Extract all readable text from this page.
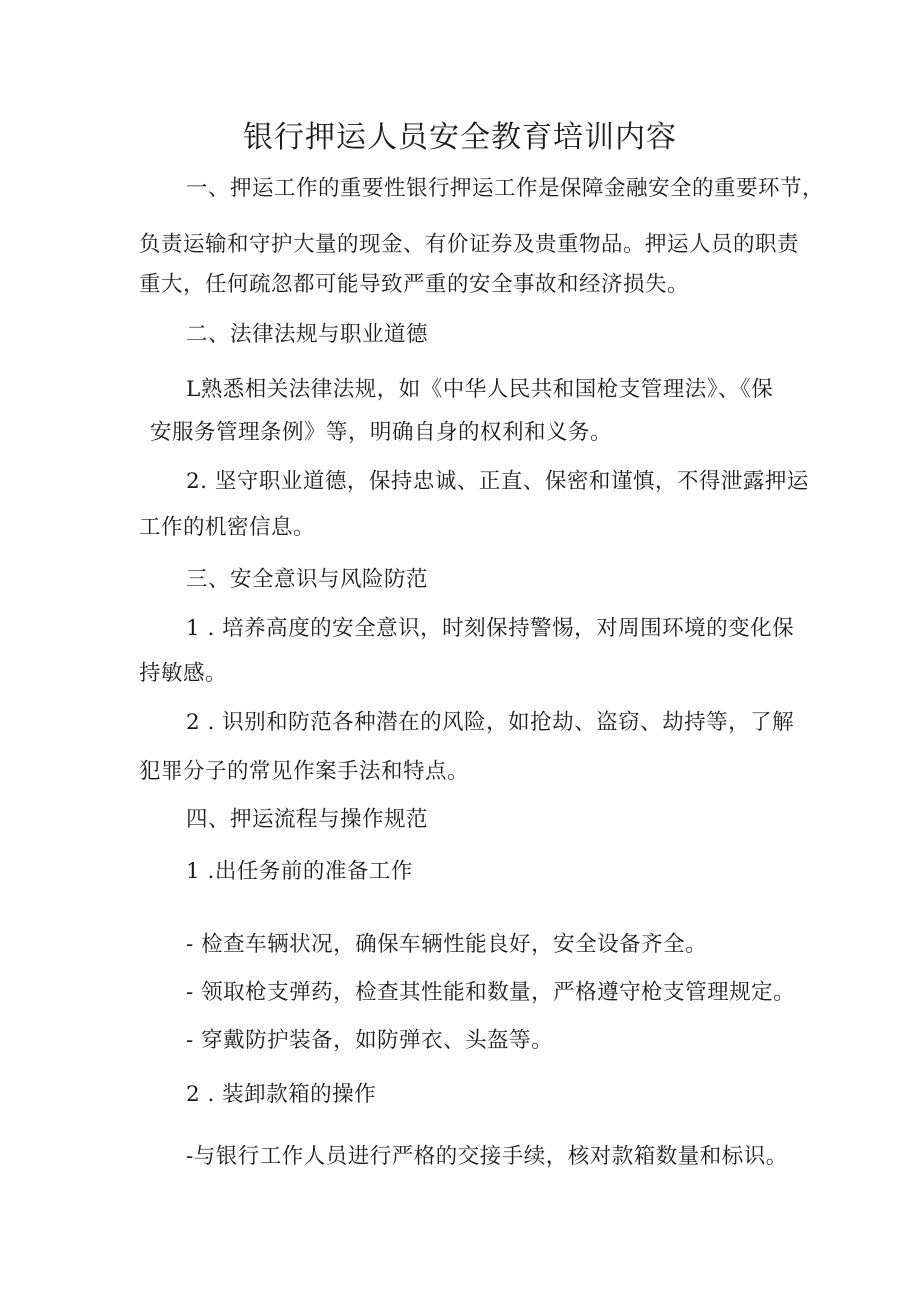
银行押运人员安全教育培训内容
一、押运工作的重要性银行押运工作是保障金融安全的重要环节，
负责运输和守护大量的现金、有价证券及贵重物品。押运人员的职责
重大，任何疏忽都可能导致严重的安全事故和经济损失。
二、法律法规与职业道德
L熟悉相关法律法规，如《中华人民共和国枪支管理法》、《保
安服务管理条例》等，明确自身的权利和义务。
2. 坚守职业道德，保持忠诚、正直、保密和谨慎，不得泄露押运
工作的机密信息。
三、安全意识与风险防范
1 . 培养高度的安全意识，时刻保持警惕，对周围环境的变化保
持敏感。
2 . 识别和防范各种潜在的风险，如抢劫、盗窃、劫持等，了解
犯罪分子的常见作案手法和特点。
四、押运流程与操作规范
1 .出任务前的准备工作
- 检查车辆状况，确保车辆性能良好，安全设备齐全。
- 领取枪支弹药，检查其性能和数量，严格遵守枪支管理规定。
- 穿戴防护装备，如防弹衣、头盔等。
2 . 装卸款箱的操作
-与银行工作人员进行严格的交接手续，核对款箱数量和标识。
